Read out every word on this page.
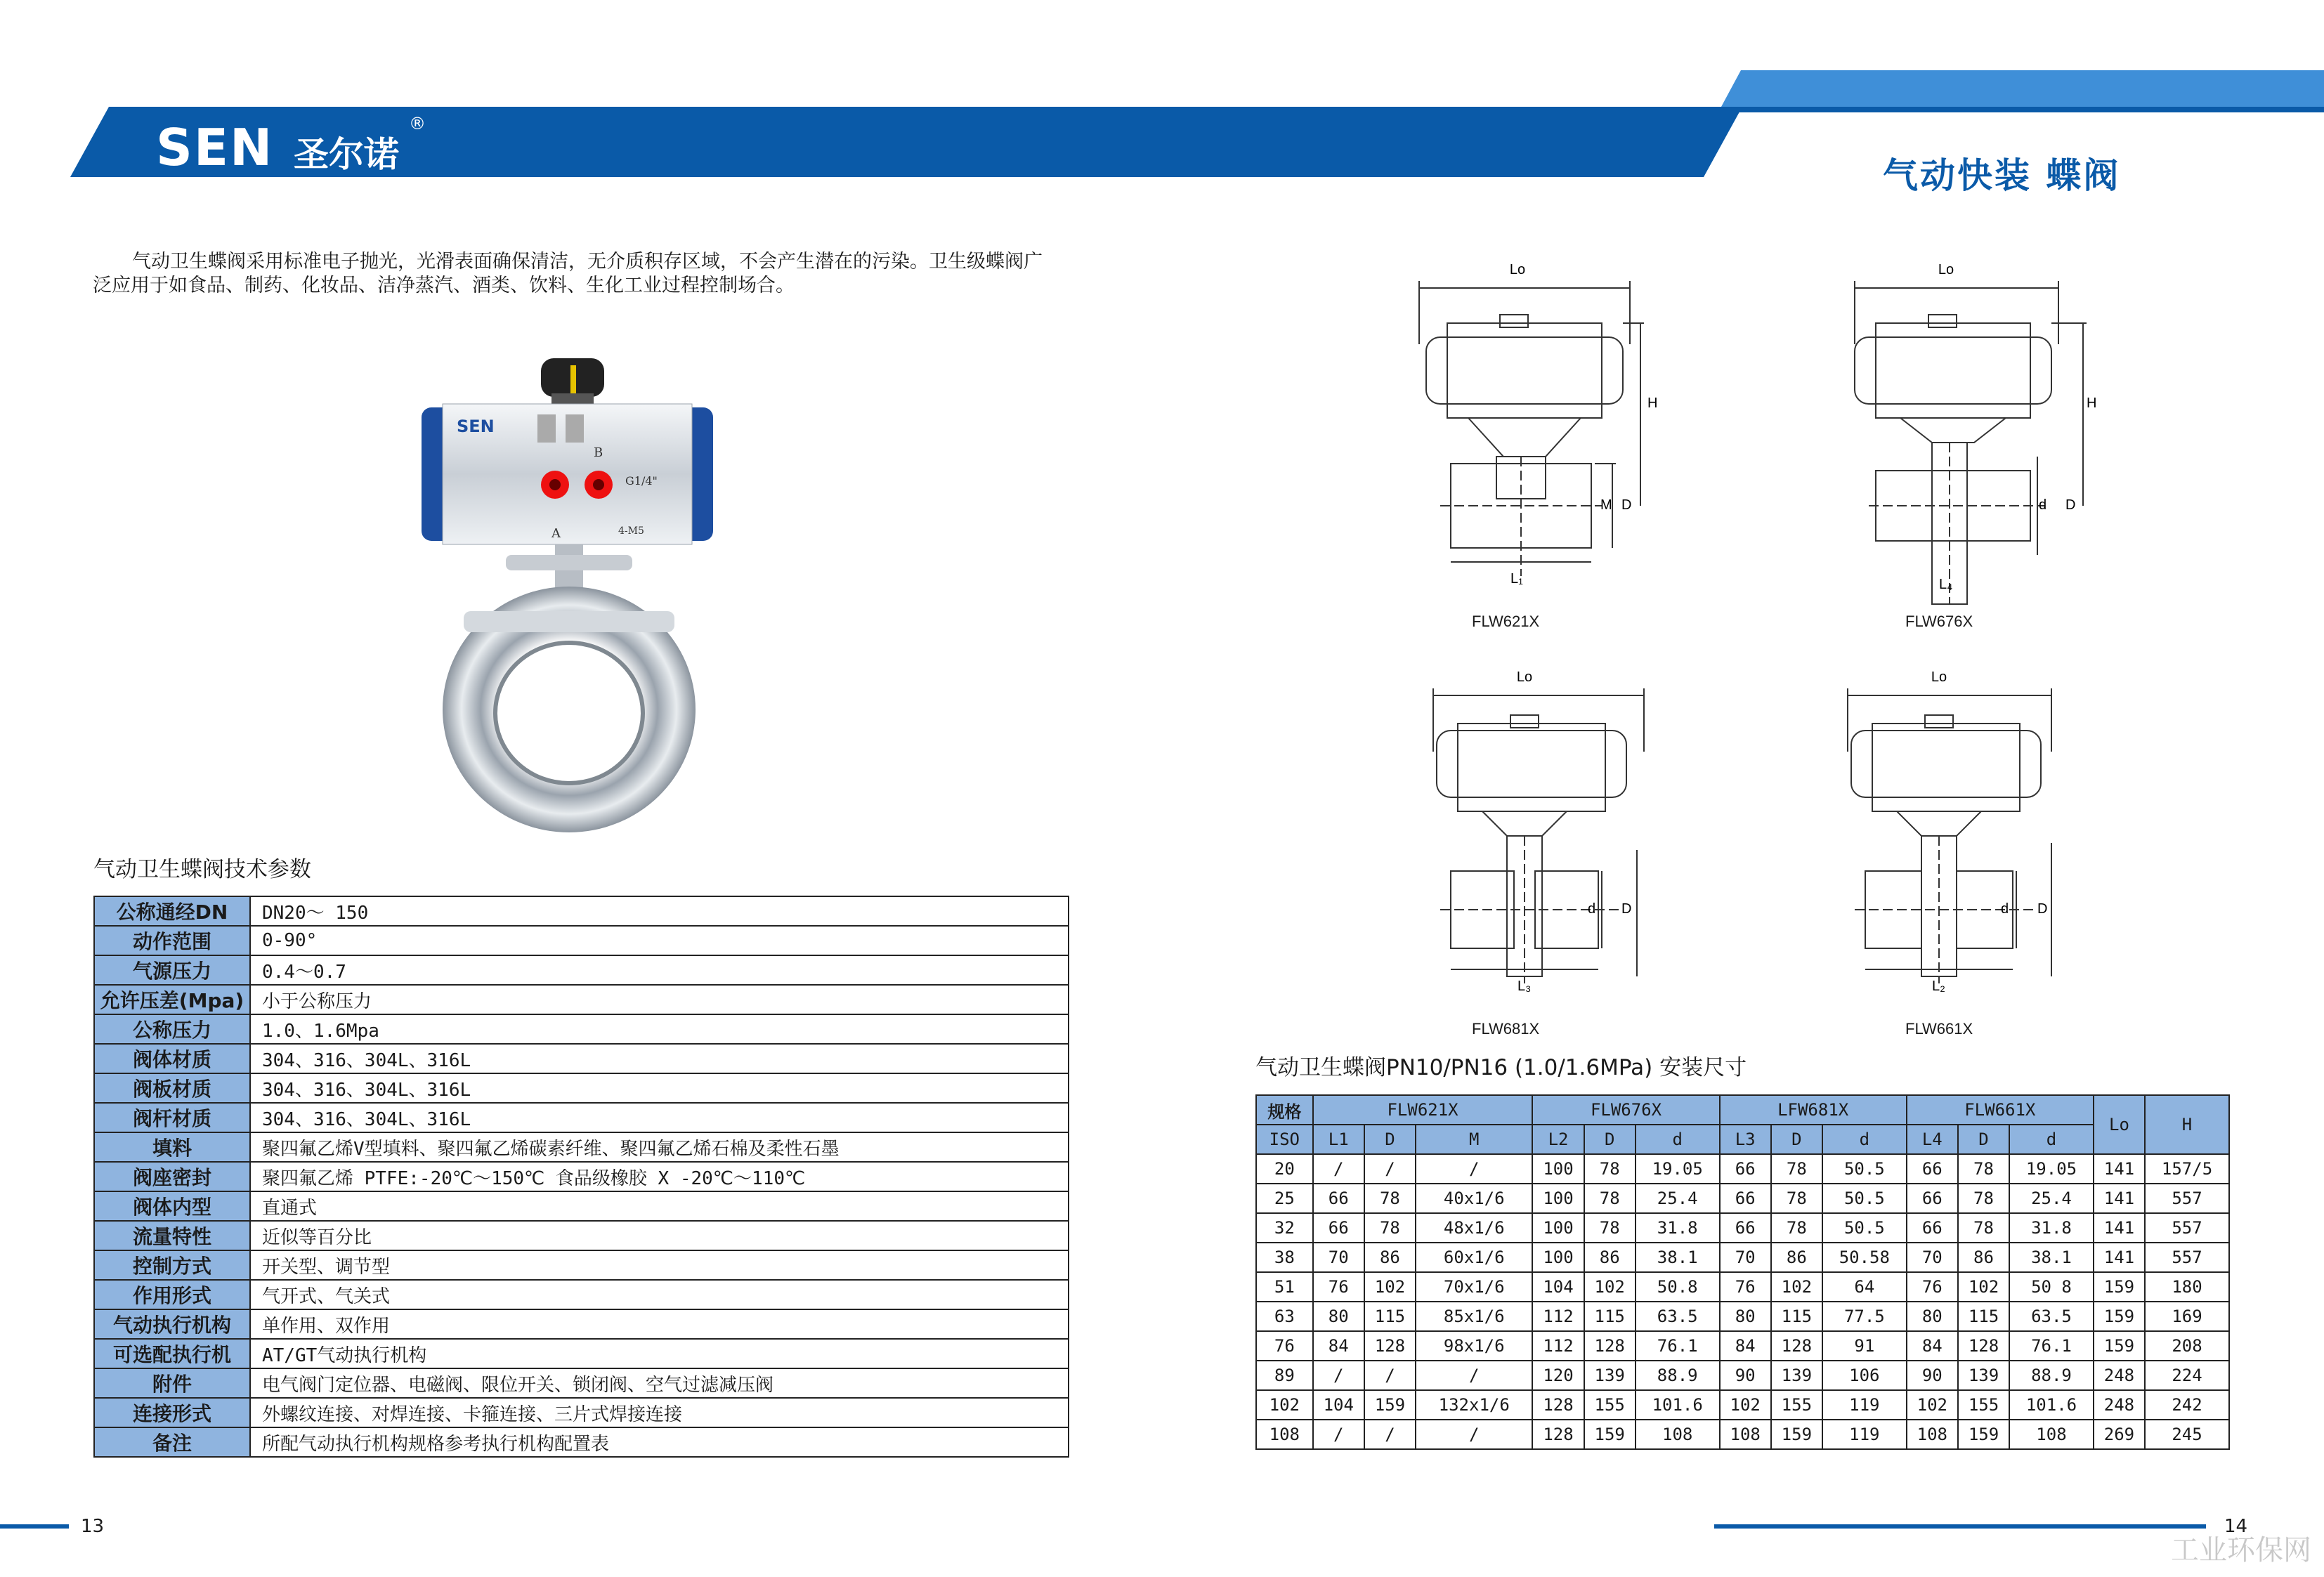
SEN 圣尔诺
®
气动快装 蝶阀
气动卫生蝶阀采用标准电子抛光，光滑表面确保清洁，无介质积存区域，不会产生潜在的污染。卫生级蝶阀广
泛应用于如食品、制药、化妆品、洁净蒸汽、酒类、饮料、生化工业过程控制场合。
SEN
B
A
G1/4"
4-M5
气动卫生蝶阀技术参数
公称通经DN	DN20～ 150
动作范围	0-90°
气源压力	0.4～0.7
允许压差(Mpa)	小于公称压力
公称压力	1.0、1.6Mpa
阀体材质	304、316、304L、316L
阀板材质	304、316、304L、316L
阀杆材质	304、316、304L、316L
填料	聚四氟乙烯V型填料、聚四氟乙烯碳素纤维、聚四氟乙烯石棉及柔性石墨
阀座密封	聚四氟乙烯 PTFE:-20℃～150℃ 食品级橡胶 X -20℃～110℃
阀体内型	直通式
流量特性	近似等百分比
控制方式	开关型、调节型
作用形式	气开式、气关式
气动执行机构	单作用、双作用
可选配执行机	AT/GT气动执行机构
附件	电气阀门定位器、电磁阀、限位开关、锁闭阀、空气过滤减压阀
连接形式	外螺纹连接、对焊连接、卡箍连接、三片式焊接连接
备注	所配气动执行机构规格参考执行机构配置表
Lo
H
M D
L₁
FLW621X
Lo
H
d D
L₄
FLW676X
Lo
d D
L₃
FLW681X
Lo
d D
L₂
FLW661X
气动卫生蝶阀PN10/PN16 (1.0/1.6MPa) 安装尺寸
规格	FLW621X			FLW676X			LFW681X			FLW661X			Lo	H
ISO	L1	D	M	L2	D	d	L3	D	d	L4	D	d		
20	/	/	/	100	78	19.05	66	78	50.5	66	78	19.05	141	157/5
25	66	78	40x1/6	100	78	25.4	66	78	50.5	66	78	25.4	141	557
32	66	78	48x1/6	100	78	31.8	66	78	50.5	66	78	31.8	141	557
38	70	86	60x1/6	100	86	38.1	70	86	50.58	70	86	38.1	141	557
51	76	102	70x1/6	104	102	50.8	76	102	64	76	102	50 8	159	180
63	80	115	85x1/6	112	115	63.5	80	115	77.5	80	115	63.5	159	169
76	84	128	98x1/6	112	128	76.1	84	128	91	84	128	76.1	159	208
89	/	/	/	120	139	88.9	90	139	106	90	139	88.9	248	224
102	104	159	132x1/6	128	155	101.6	102	155	119	102	155	101.6	248	242
108	/	/	/	128	159	108	108	159	119	108	159	108	269	245
13	14
工业环保网
